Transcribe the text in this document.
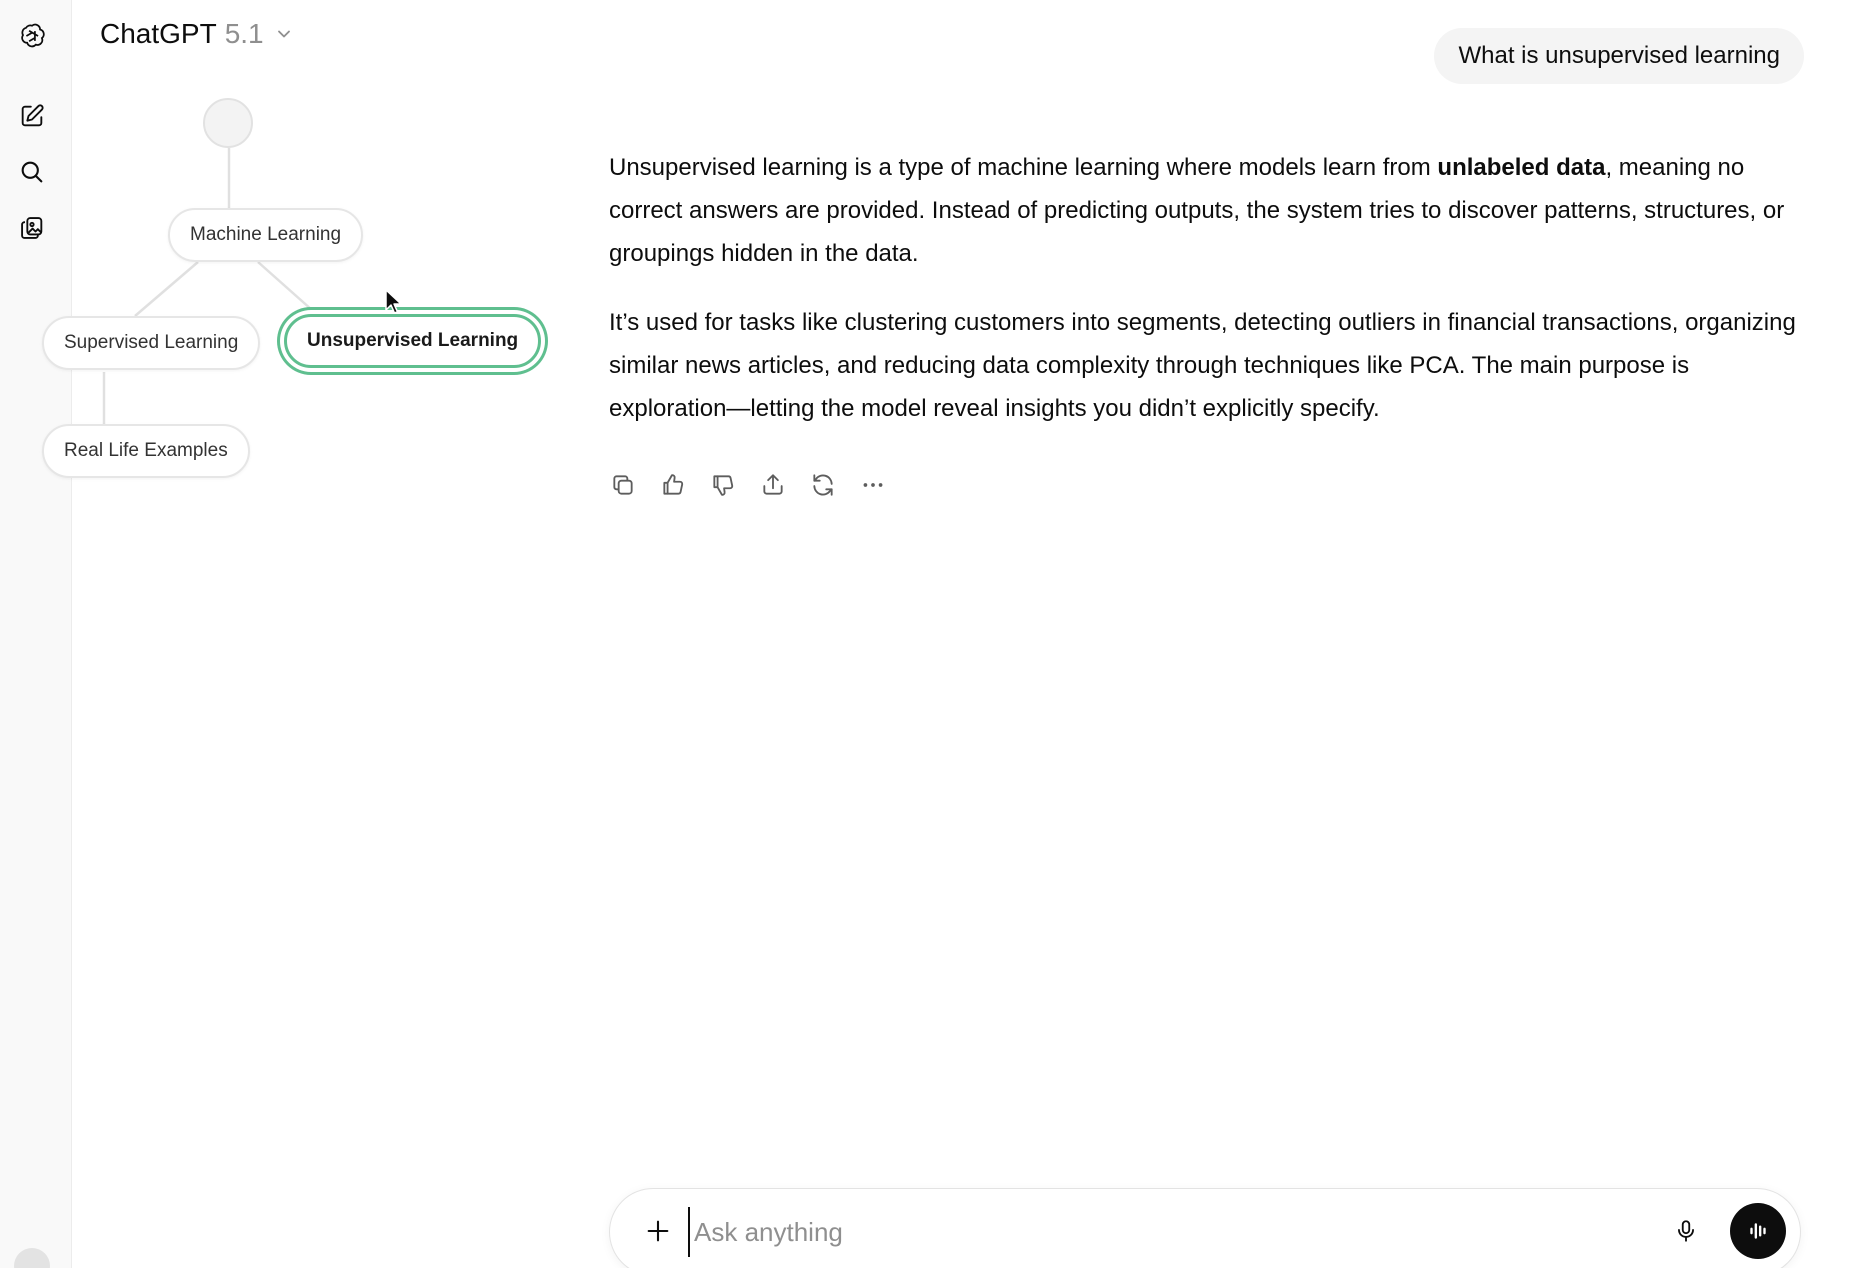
ChatGPT 5.1
Machine Learning
Supervised Learning	Unsupervised Learning
Real Life Examples
What is unsupervised learning

Unsupervised learning is a type of machine learning where models learn from unlabeled data, meaning no correct answers are provided. Instead of predicting outputs, the system tries to discover patterns, structures, or groupings hidden in the data.

It’s used for tasks like clustering customers into segments, detecting outliers in financial transactions, organizing similar news articles, and reducing data complexity through techniques like PCA. The main purpose is exploration—letting the model reveal insights you didn’t explicitly specify.

Ask anything
